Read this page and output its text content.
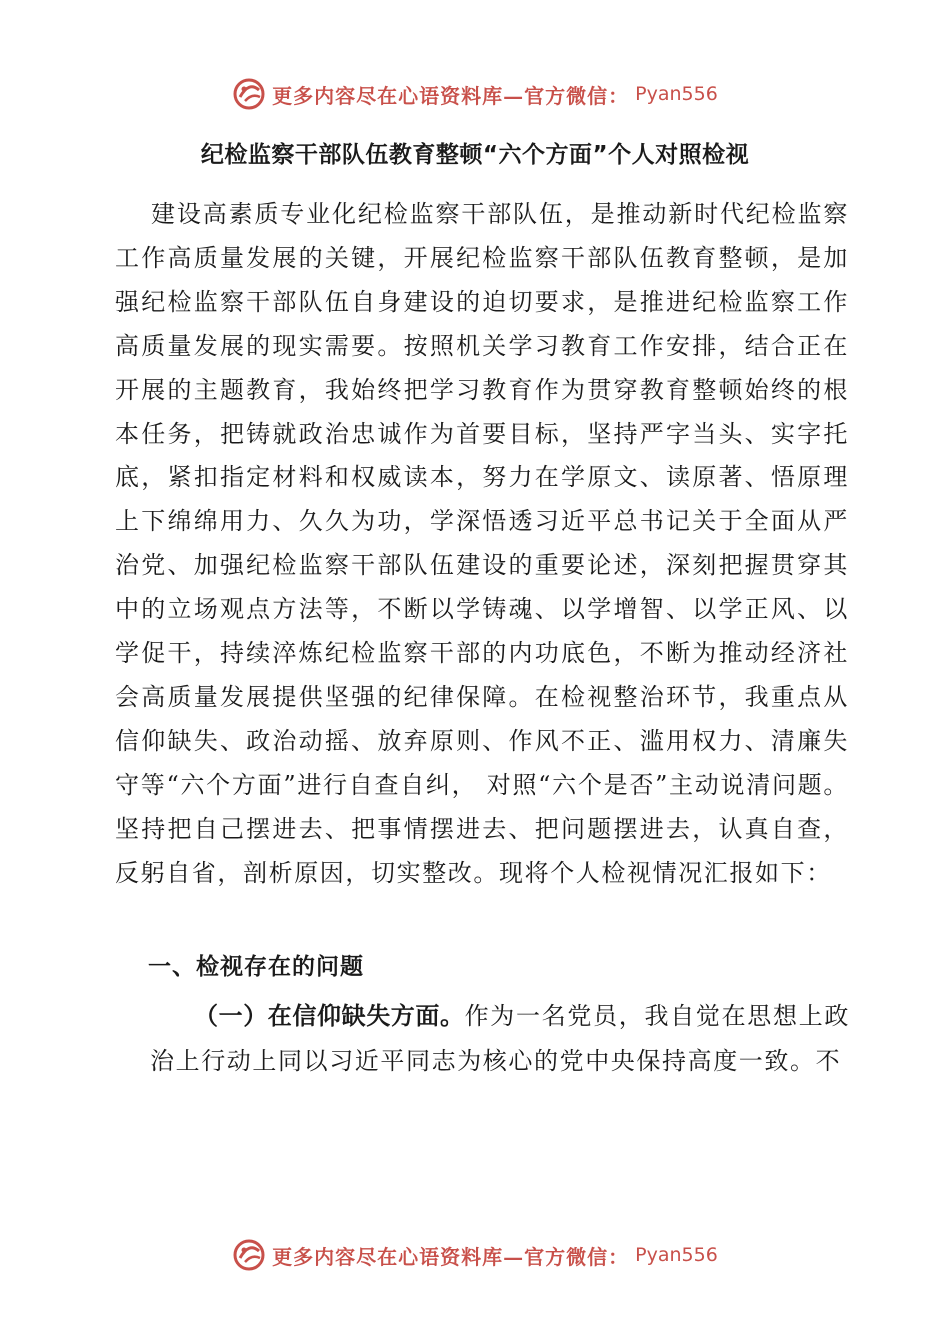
更多内容尽在心语资料库—官方微信： Pyan556
纪检监察干部队伍教育整顿“六个方面”个人对照检视

建设高素质专业化纪检监察干部队伍，是推动新时代纪检监察工作高质量发展的关键，开展纪检监察干部队伍教育整顿，是加强纪检监察干部队伍自身建设的迫切要求，是推进纪检监察工作高质量发展的现实需要。按照机关学习教育工作安排，结合正在开展的主题教育，我始终把学习教育作为贯穿教育整顿始终的根本任务，把铸就政治忠诚作为首要目标，坚持严字当头、实字托底，紧扣指定材料和权威读本，努力在学原文、读原著、悟原理上下绵绵用力、久久为功，学深悟透习近平总书记关于全面从严治党、加强纪检监察干部队伍建设的重要论述，深刻把握贯穿其中的立场观点方法等，不断以学铸魂、以学增智、以学正风、以学促干，持续淬炼纪检监察干部的内功底色，不断为推动经济社会高质量发展提供坚强的纪律保障。在检视整治环节，我重点从信仰缺失、政治动摇、放弃原则、作风不正、滥用权力、清廉失守等“六个方面”进行自查自纠， 对照“六个是否”主动说清问题。坚持把自己摆进去、把事情摆进去、把问题摆进去，认真自查，反躬自省，剖析原因，切实整改。现将个人检视情况汇报如下：

一、检视存在的问题

（一）在信仰缺失方面。作为一名党员，我自觉在思想上政治上行动上同以习近平同志为核心的党中央保持高度一致。不

更多内容尽在心语资料库—官方微信： Pyan556
